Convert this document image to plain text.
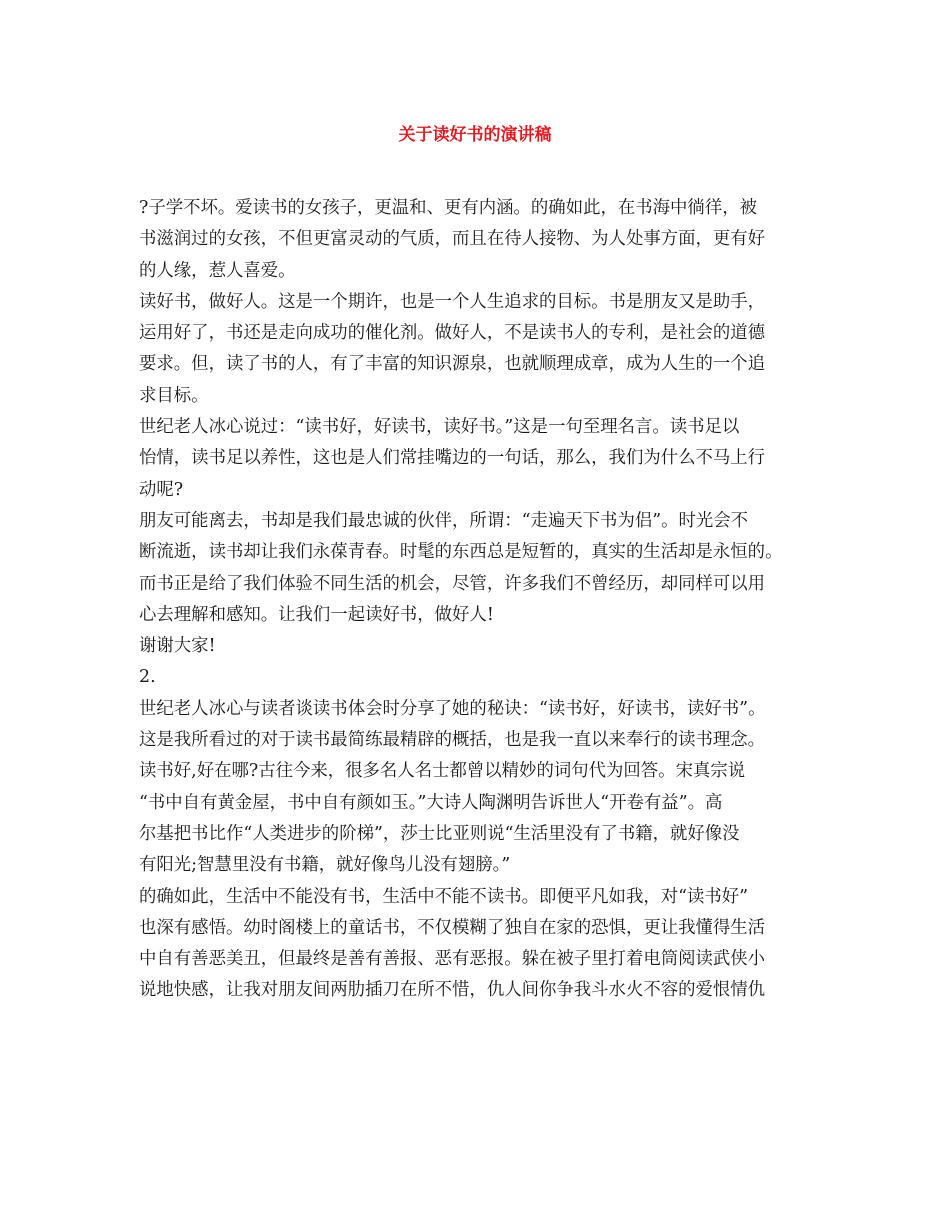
关于读好书的演讲稿
?子学不坏。爱读书的女孩子，更温和、更有内涵。的确如此，在书海中徜徉，被
书滋润过的女孩，不但更富灵动的气质，而且在待人接物、为人处事方面，更有好
的人缘，惹人喜爱。
读好书，做好人。这是一个期许，也是一个人生追求的目标。书是朋友又是助手，
运用好了，书还是走向成功的催化剂。做好人，不是读书人的专利，是社会的道德
要求。但，读了书的人，有了丰富的知识源泉，也就顺理成章，成为人生的一个追
求目标。
世纪老人冰心说过：“读书好，好读书，读好书。”这是一句至理名言。读书足以
怡情，读书足以养性，这也是人们常挂嘴边的一句话，那么，我们为什么不马上行
动呢?
朋友可能离去，书却是我们最忠诚的伙伴，所谓：“走遍天下书为侣”。时光会不
断流逝，读书却让我们永葆青春。时髦的东西总是短暂的，真实的生活却是永恒的。
而书正是给了我们体验不同生活的机会，尽管，许多我们不曾经历，却同样可以用
心去理解和感知。让我们一起读好书，做好人!
谢谢大家!
2.
世纪老人冰心与读者谈读书体会时分享了她的秘诀：“读书好，好读书，读好书”。
这是我所看过的对于读书最简练最精辟的概括，也是我一直以来奉行的读书理念。
读书好,好在哪?古往今来，很多名人名士都曾以精妙的词句代为回答。宋真宗说
“书中自有黄金屋，书中自有颜如玉。”大诗人陶渊明告诉世人“开卷有益”。高
尔基把书比作“人类进步的阶梯”，莎士比亚则说“生活里没有了书籍，就好像没
有阳光;智慧里没有书籍，就好像鸟儿没有翅膀。”
的确如此，生活中不能没有书，生活中不能不读书。即便平凡如我，对“读书好”
也深有感悟。幼时阁楼上的童话书，不仅模糊了独自在家的恐惧，更让我懂得生活
中自有善恶美丑，但最终是善有善报、恶有恶报。躲在被子里打着电筒阅读武侠小
说地快感，让我对朋友间两肋插刀在所不惜，仇人间你争我斗水火不容的爱恨情仇
